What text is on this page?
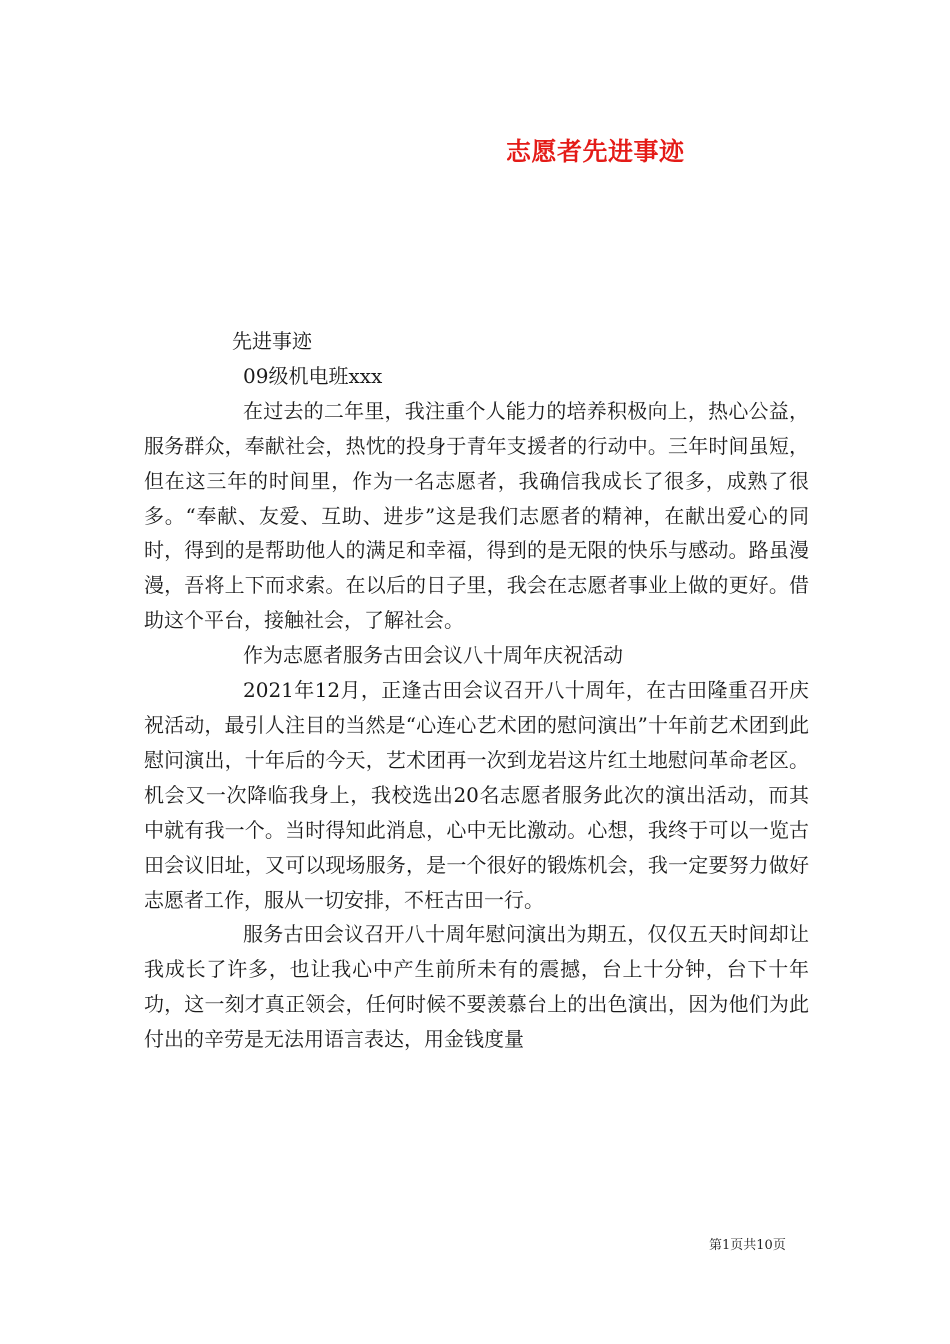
志愿者先进事迹

先进事迹

09级机电班xxx

在过去的二年里，我注重个人能力的培养积极向上，热心公益，服务群众，奉献社会，热忱的投身于青年支援者的行动中。三年时间虽短，但在这三年的时间里，作为一名志愿者，我确信我成长了很多，成熟了很多。“奉献、友爱、互助、进步”这是我们志愿者的精神，在献出爱心的同时，得到的是帮助他人的满足和幸福，得到的是无限的快乐与感动。路虽漫漫，吾将上下而求索。在以后的日子里，我会在志愿者事业上做的更好。借助这个平台，接触社会，了解社会。

作为志愿者服务古田会议八十周年庆祝活动

2021年12月，正逢古田会议召开八十周年，在古田隆重召开庆祝活动，最引人注目的当然是“心连心艺术团的慰问演出”十年前艺术团到此慰问演出，十年后的今天，艺术团再一次到龙岩这片红土地慰问革命老区。机会又一次降临我身上，我校选出20名志愿者服务此次的演出活动，而其中就有我一个。当时得知此消息，心中无比激动。心想，我终于可以一览古田会议旧址，又可以现场服务，是一个很好的锻炼机会，我一定要努力做好志愿者工作，服从一切安排，不枉古田一行。

服务古田会议召开八十周年慰问演出为期五，仅仅五天时间却让我成长了许多，也让我心中产生前所未有的震撼，台上十分钟，台下十年功，这一刻才真正领会，任何时候不要羡慕台上的出色演出，因为他们为此付出的辛劳是无法用语言表达，用金钱度量

第1页共10页
